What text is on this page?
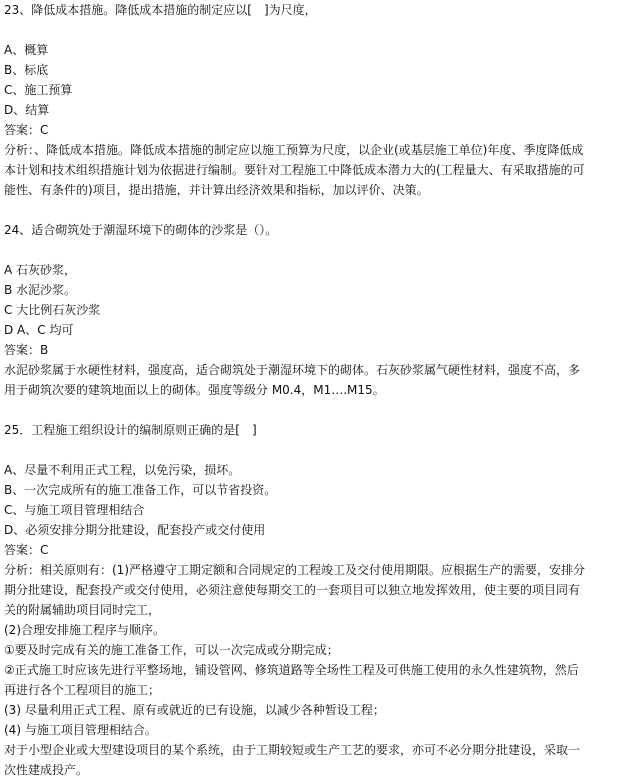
23、降低成本措施。降低成本措施的制定应以[　]为尺度，
A、概算
B、标底
C、施工预算
D、结算
答案：C
分析：、降低成本措施。降低成本措施的制定应以施工预算为尺度，以企业(或基层施工单位)年度、季度降低成
本计划和技术组织措施计划为依据进行编制。要针对工程施工中降低成本潜力大的(工程量大、有采取措施的可
能性、有条件的)项目，提出措施，并计算出经济效果和指标，加以评价、决策。
24、适合砌筑处于潮湿环境下的砌体的沙浆是（）。
A 石灰砂浆，
B 水泥沙浆。
C 大比例石灰沙浆
D A、C 均可
答案：B
水泥砂浆属于水硬性材料，强度高，适合砌筑处于潮湿环境下的砌体。石灰砂浆属气硬性材料，强度不高，多
用于砌筑次要的建筑地面以上的砌体。强度等级分 M0.4，M1….M15。
25．工程施工组织设计的编制原则正确的是[　]
A、尽量不利用正式工程，以免污染，损坏。
B、一次完成所有的施工准备工作，可以节省投资。
C、与施工项目管理相结合
D、必须安排分期分批建设，配套投产或交付使用
答案：C
分析：相关原则有：(1)严格遵守工期定额和合同规定的工程竣工及交付使用期限。应根据生产的需要，安排分
期分批建设，配套投产或交付使用，必须注意使每期交工的一套项目可以独立地发挥效用，使主要的项目同有
关的附属辅助项目同时完工，
(2)合理安排施工程序与顺序。
①要及时完成有关的施工准备工作，可以一次完成或分期完成；
②正式施工时应该先进行平整场地，铺设管网、修筑道路等全场性工程及可供施工使用的永久性建筑物，然后
再进行各个工程项目的施工；
(3) 尽量利用正式工程、原有或就近的已有设施，以减少各种暂设工程；
(4) 与施工项目管理相结合。
对于小型企业或大型建设项目的某个系统，由于工期较短或生产工艺的要求，亦可不必分期分批建设，采取一
次性建成投产。
